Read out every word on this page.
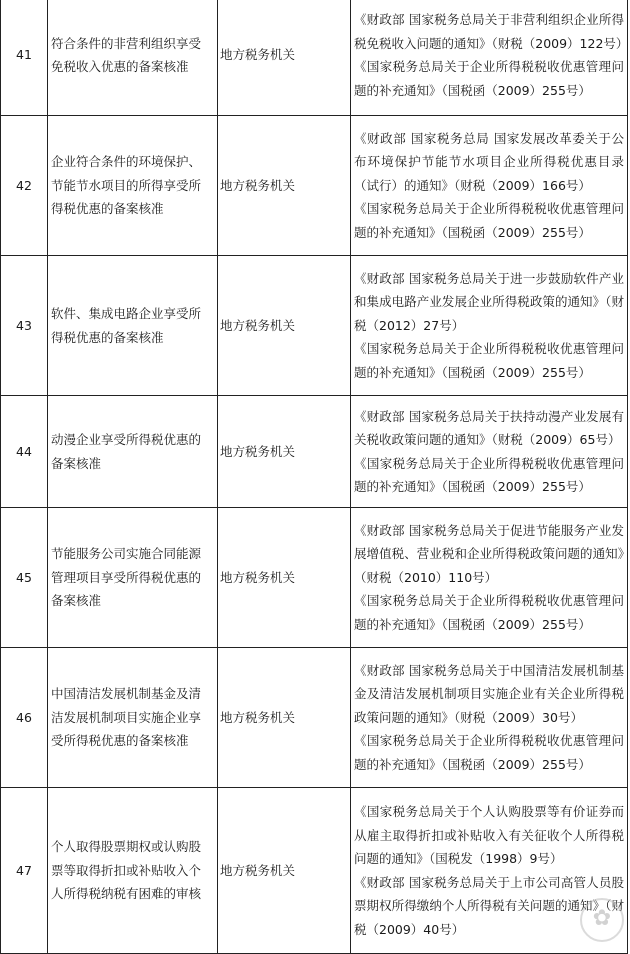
41	符合条件的非营利组织享受免税收入优惠的备案核准	地方税务机关	《财政部 国家税务总局关于非营利组织企业所得税免税收入问题的通知》（财税（2009）122号）
《国家税务总局关于企业所得税税收优惠管理问题的补充通知》（国税函（2009）255号）

42	企业符合条件的环境保护、节能节水项目的所得享受所得税优惠的备案核准	地方税务机关	《财政部 国家税务总局 国家发展改革委关于公布环境保护节能节水项目企业所得税优惠目录（试行）的通知》（财税（2009）166号）
《国家税务总局关于企业所得税税收优惠管理问题的补充通知》（国税函（2009）255号）

43	软件、集成电路企业享受所得税优惠的备案核准	地方税务机关	《财政部 国家税务总局关于进一步鼓励软件产业和集成电路产业发展企业所得税政策的通知》（财税（2012）27号）
《国家税务总局关于企业所得税税收优惠管理问题的补充通知》（国税函（2009）255号）

44	动漫企业享受所得税优惠的备案核准	地方税务机关	《财政部 国家税务总局关于扶持动漫产业发展有关税收政策问题的通知》（财税（2009）65号）
《国家税务总局关于企业所得税税收优惠管理问题的补充通知》（国税函（2009）255号）

45	节能服务公司实施合同能源管理项目享受所得税优惠的备案核准	地方税务机关	《财政部 国家税务总局关于促进节能服务产业发展增值税、营业税和企业所得税政策问题的通知》（财税（2010）110号）
《国家税务总局关于企业所得税税收优惠管理问题的补充通知》（国税函（2009）255号）

46	中国清洁发展机制基金及清洁发展机制项目实施企业享受所得税优惠的备案核准	地方税务机关	《财政部 国家税务总局关于中国清洁发展机制基金及清洁发展机制项目实施企业有关企业所得税政策问题的通知》（财税（2009）30号）
《国家税务总局关于企业所得税税收优惠管理问题的补充通知》（国税函（2009）255号）

47	个人取得股票期权或认购股票等取得折扣或补贴收入个人所得税纳税有困难的审核	地方税务机关	《国家税务总局关于个人认购股票等有价证券而从雇主取得折扣或补贴收入有关征收个人所得税问题的通知》（国税发（1998）9号）
《财政部 国家税务总局关于上市公司高管人员股票期权所得缴纳个人所得税有关问题的通知》（财税（2009）40号）	✿
